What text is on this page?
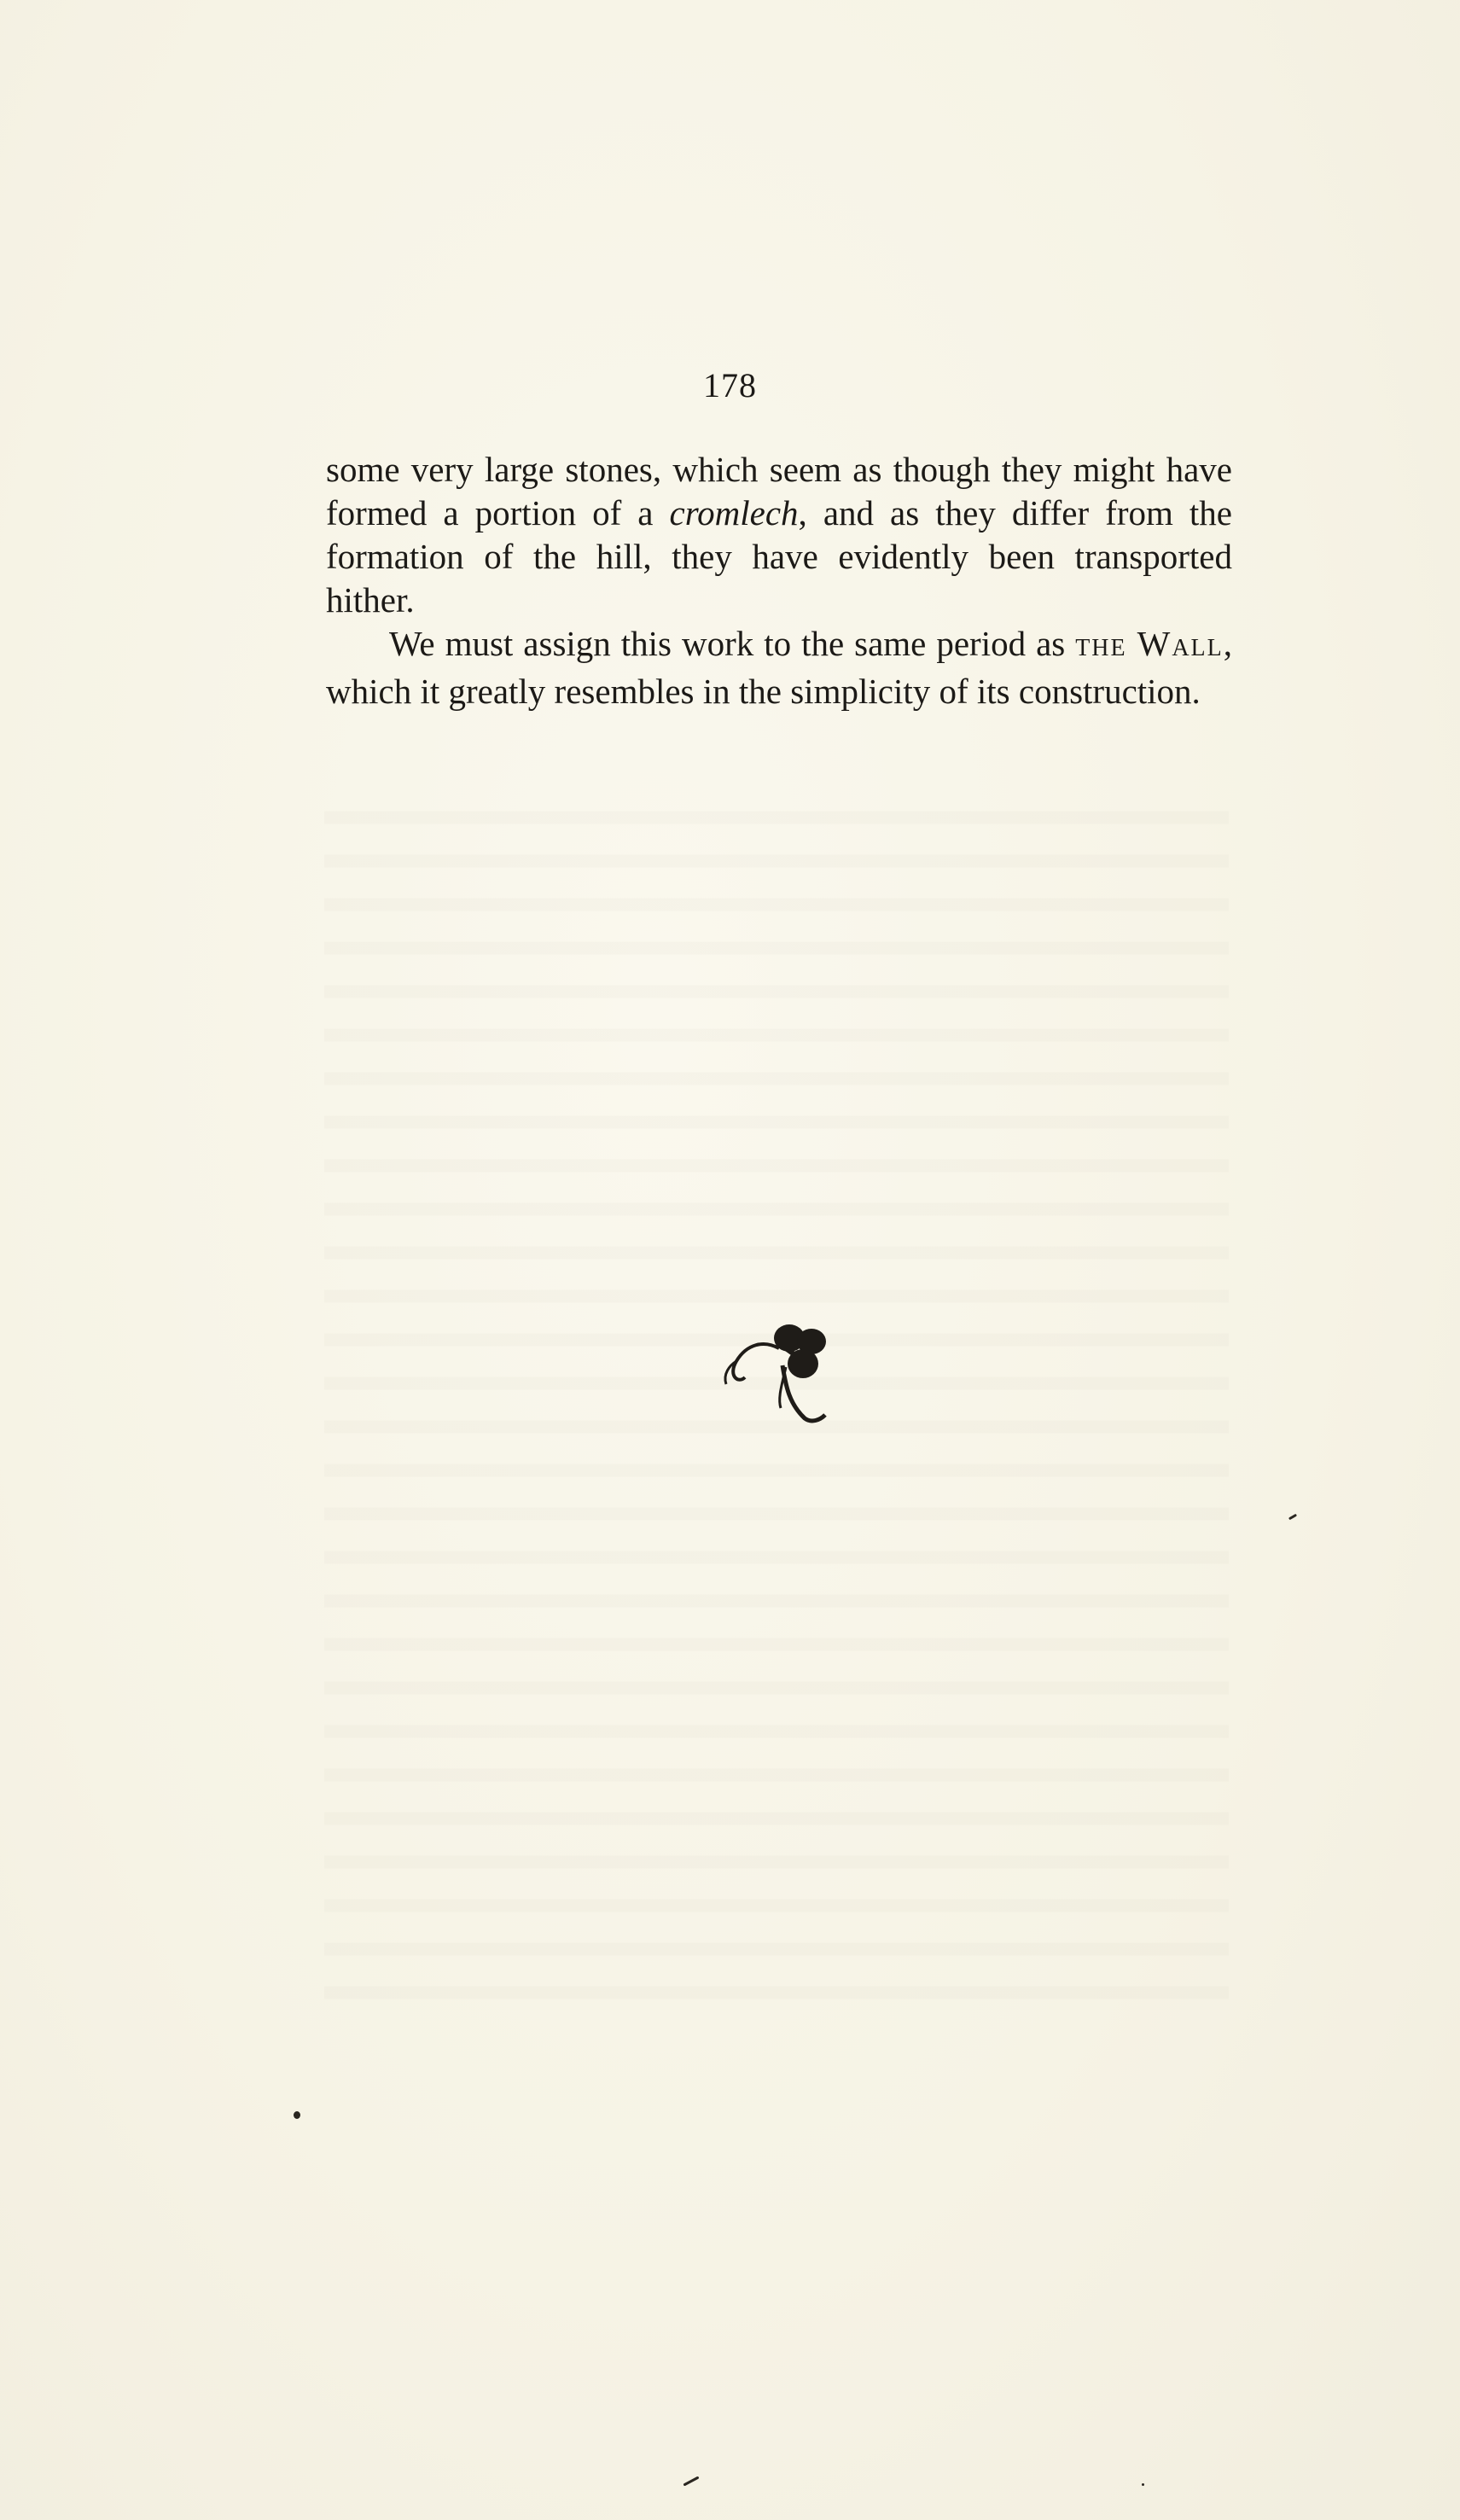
178

some very large stones, which seem as though they might have formed a portion of a cromlech, and as they differ from the formation of the hill, they have evidently been transported hither.

We must assign this work to the same period as THE WALL, which it greatly resembles in the simplicity of its construction.
